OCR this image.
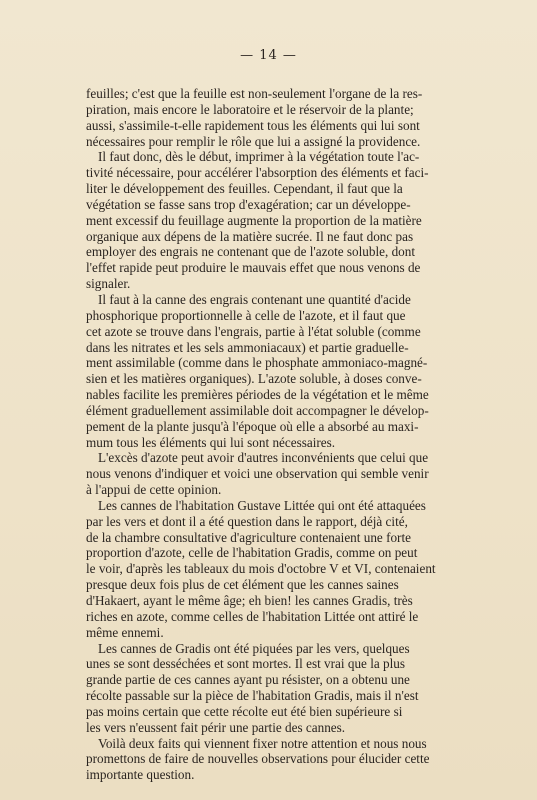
— 14 —
feuilles; c'est que la feuille est non-seulement l'organe de la res-
piration, mais encore le laboratoire et le réservoir de la plante;
aussi, s'assimile-t-elle rapidement tous les éléments qui lui sont
nécessaires pour remplir le rôle que lui a assigné la providence.
Il faut donc, dès le début, imprimer à la végétation toute l'ac-
tivité nécessaire, pour accélérer l'absorption des éléments et faci-
liter le développement des feuilles. Cependant, il faut que la
végétation se fasse sans trop d'exagération; car un développe-
ment excessif du feuillage augmente la proportion de la matière
organique aux dépens de la matière sucrée. Il ne faut donc pas
employer des engrais ne contenant que de l'azote soluble, dont
l'effet rapide peut produire le mauvais effet que nous venons de
signaler.
Il faut à la canne des engrais contenant une quantité d'acide
phosphorique proportionnelle à celle de l'azote, et il faut que
cet azote se trouve dans l'engrais, partie à l'état soluble (comme
dans les nitrates et les sels ammoniacaux) et partie graduelle-
ment assimilable (comme dans le phosphate ammoniaco-magné-
sien et les matières organiques). L'azote soluble, à doses conve-
nables facilite les premières périodes de la végétation et le même
élément graduellement assimilable doit accompagner le dévelop-
pement de la plante jusqu'à l'époque où elle a absorbé au maxi-
mum tous les éléments qui lui sont nécessaires.
L'excès d'azote peut avoir d'autres inconvénients que celui que
nous venons d'indiquer et voici une observation qui semble venir
à l'appui de cette opinion.
Les cannes de l'habitation Gustave Littée qui ont été attaquées
par les vers et dont il a été question dans le rapport, déjà cité,
de la chambre consultative d'agriculture contenaient une forte
proportion d'azote, celle de l'habitation Gradis, comme on peut
le voir, d'après les tableaux du mois d'octobre V et VI, contenaient
presque deux fois plus de cet élément que les cannes saines
d'Hakaert, ayant le même âge; eh bien! les cannes Gradis, très
riches en azote, comme celles de l'habitation Littée ont attiré le
même ennemi.
Les cannes de Gradis ont été piquées par les vers, quelques
unes se sont desséchées et sont mortes. Il est vrai que la plus
grande partie de ces cannes ayant pu résister, on a obtenu une
récolte passable sur la pièce de l'habitation Gradis, mais il n'est
pas moins certain que cette récolte eut été bien supérieure si
les vers n'eussent fait périr une partie des cannes.
Voilà deux faits qui viennent fixer notre attention et nous nous
promettons de faire de nouvelles observations pour élucider cette
importante question.
